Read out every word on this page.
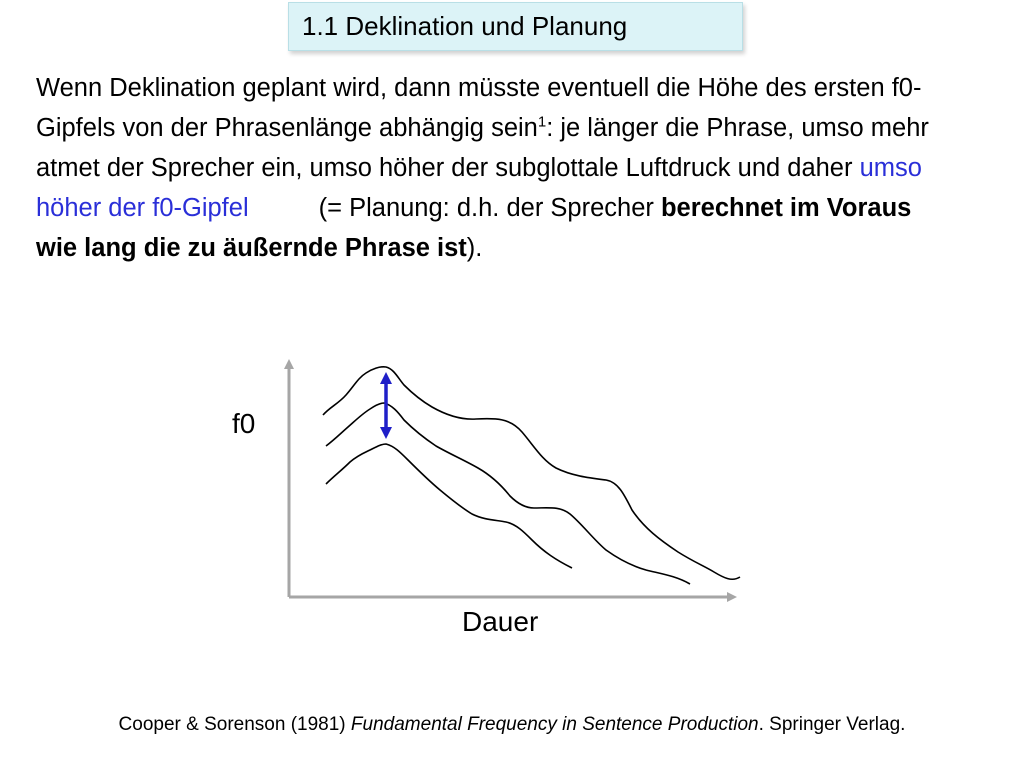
1.1 Deklination und Planung

Wenn Deklination geplant wird, dann müsste eventuell die Höhe des ersten f0-Gipfels von der Phrasenlänge abhängig sein$^1$: je länger die Phrase, umso mehr atmet der Sprecher ein, umso höher der subglottale Luftdruck und daher umso höher der f0-Gipfel	(= Planung: d.h. der Sprecher berechnet im Voraus wie lang die zu äußernde Phrase ist).

f0
Dauer
Cooper & Sorenson (1981) Fundamental Frequency in Sentence Production. Springer Verlag.
